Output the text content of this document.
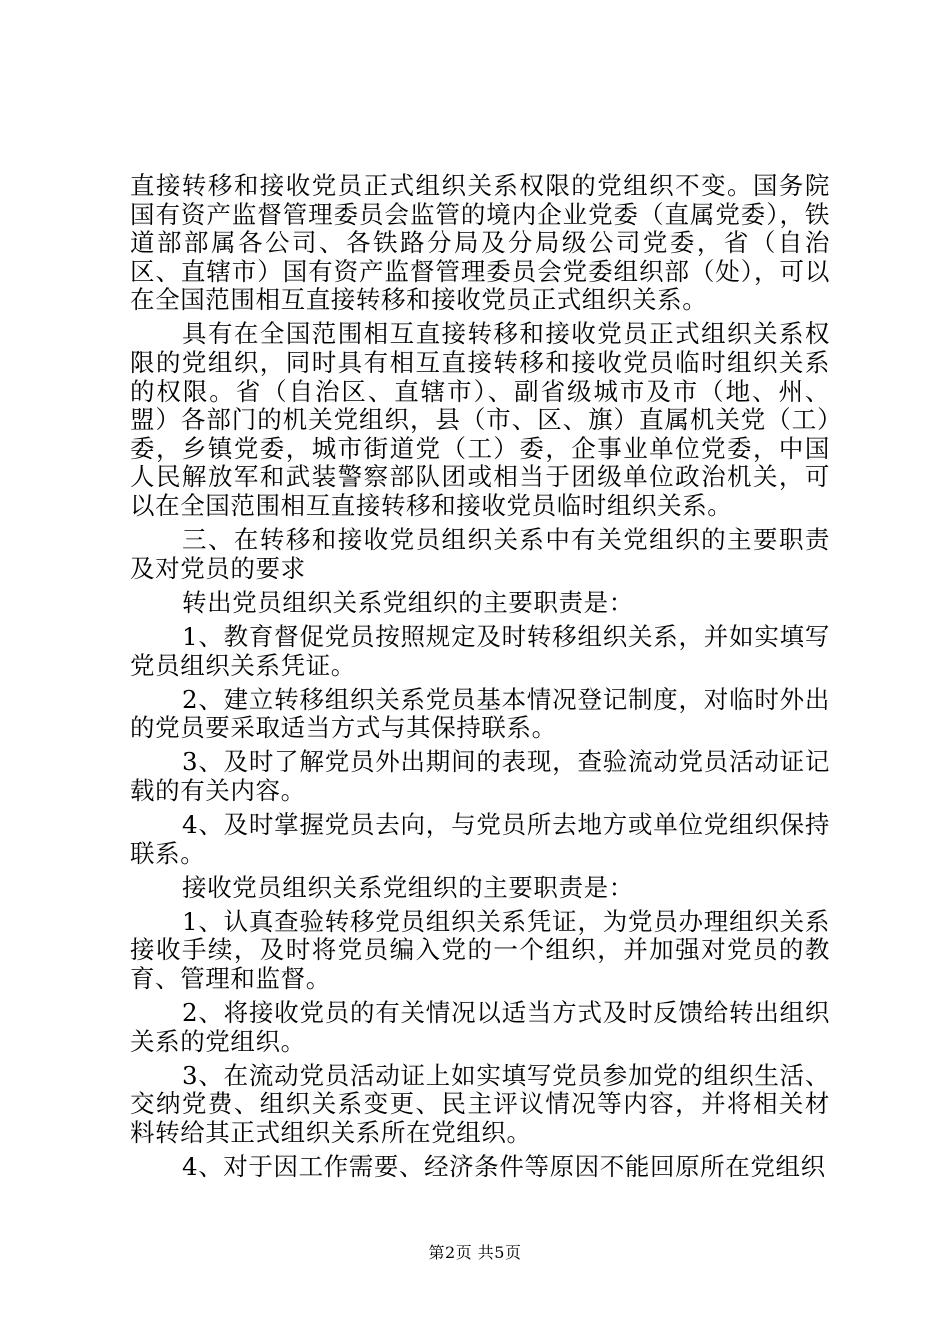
直接转移和接收党员正式组织关系权限的党组织不变。国务院国有资产监督管理委员会监管的境内企业党委（直属党委），铁道部部属各公司、各铁路分局及分局级公司党委，省（自治区、直辖市）国有资产监督管理委员会党委组织部（处），可以在全国范围相互直接转移和接收党员正式组织关系。

具有在全国范围相互直接转移和接收党员正式组织关系权限的党组织，同时具有相互直接转移和接收党员临时组织关系的权限。省（自治区、直辖市）、副省级城市及市（地、州、盟）各部门的机关党组织，县（市、区、旗）直属机关党（工）委，乡镇党委，城市街道党（工）委，企事业单位党委，中国人民解放军和武装警察部队团或相当于团级单位政治机关，可以在全国范围相互直接转移和接收党员临时组织关系。

三、在转移和接收党员组织关系中有关党组织的主要职责及对党员的要求

转出党员组织关系党组织的主要职责是：

1、教育督促党员按照规定及时转移组织关系，并如实填写党员组织关系凭证。

2、建立转移组织关系党员基本情况登记制度，对临时外出的党员要采取适当方式与其保持联系。

3、及时了解党员外出期间的表现，查验流动党员活动证记载的有关内容。

4、及时掌握党员去向，与党员所去地方或单位党组织保持联系。

接收党员组织关系党组织的主要职责是：

1、认真查验转移党员组织关系凭证，为党员办理组织关系接收手续，及时将党员编入党的一个组织，并加强对党员的教育、管理和监督。

2、将接收党员的有关情况以适当方式及时反馈给转出组织关系的党组织。

3、在流动党员活动证上如实填写党员参加党的组织生活、交纳党费、组织关系变更、民主评议情况等内容，并将相关材料转给其正式组织关系所在党组织。

4、对于因工作需要、经济条件等原因不能回原所在党组织

第2页 共5页
